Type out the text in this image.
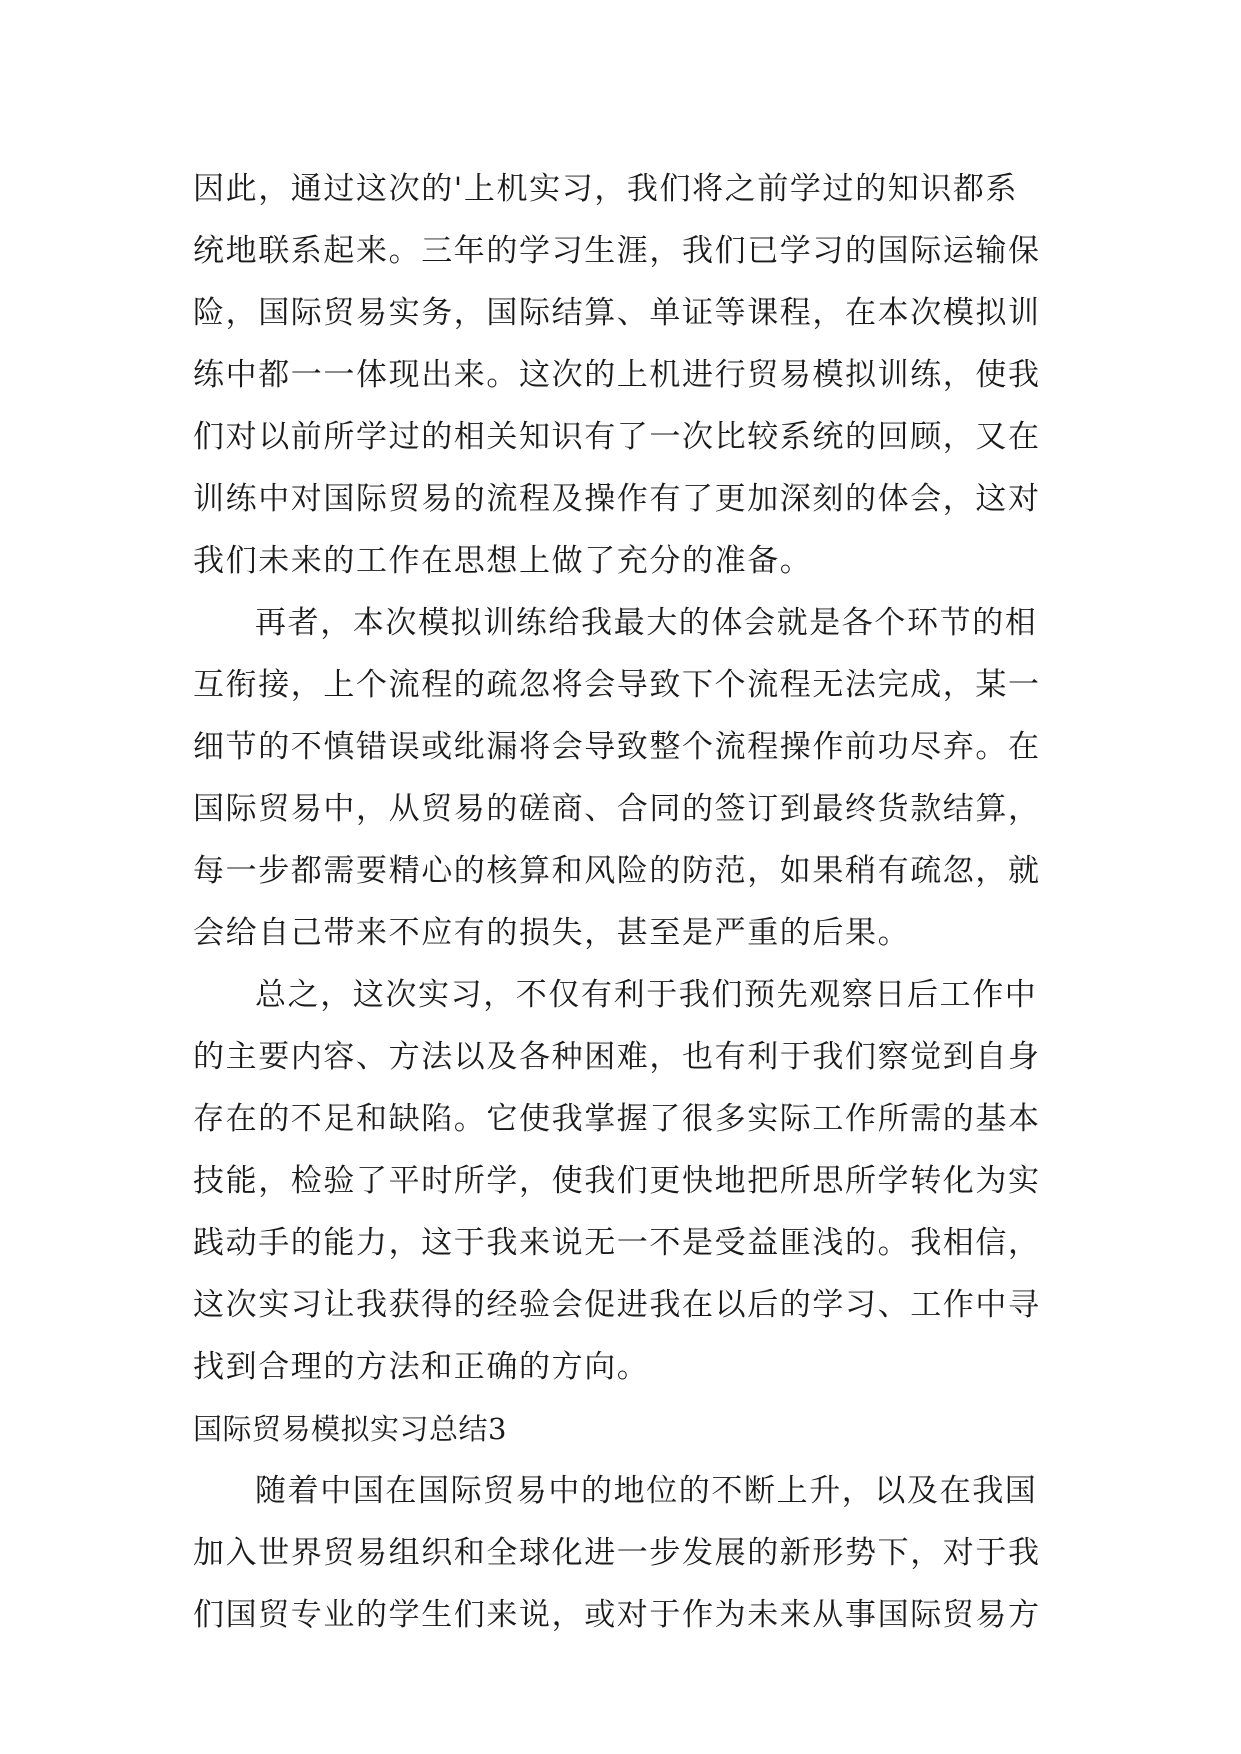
因此，通过这次的'上机实习，我们将之前学过的知识都系
统地联系起来。三年的学习生涯，我们已学习的国际运输保
险，国际贸易实务，国际结算、单证等课程，在本次模拟训
练中都一一体现出来。这次的上机进行贸易模拟训练，使我
们对以前所学过的相关知识有了一次比较系统的回顾，又在
训练中对国际贸易的流程及操作有了更加深刻的体会，这对
我们未来的工作在思想上做了充分的准备。
再者，本次模拟训练给我最大的体会就是各个环节的相
互衔接，上个流程的疏忽将会导致下个流程无法完成，某一
细节的不慎错误或纰漏将会导致整个流程操作前功尽弃。在
国际贸易中，从贸易的磋商、合同的签订到最终货款结算，
每一步都需要精心的核算和风险的防范，如果稍有疏忽，就
会给自己带来不应有的损失，甚至是严重的后果。
总之，这次实习，不仅有利于我们预先观察日后工作中
的主要内容、方法以及各种困难，也有利于我们察觉到自身
存在的不足和缺陷。它使我掌握了很多实际工作所需的基本
技能，检验了平时所学，使我们更快地把所思所学转化为实
践动手的能力，这于我来说无一不是受益匪浅的。我相信，
这次实习让我获得的经验会促进我在以后的学习、工作中寻
找到合理的方法和正确的方向。
国际贸易模拟实习总结3
随着中国在国际贸易中的地位的不断上升，以及在我国
加入世界贸易组织和全球化进一步发展的新形势下，对于我
们国贸专业的学生们来说，或对于作为未来从事国际贸易方
